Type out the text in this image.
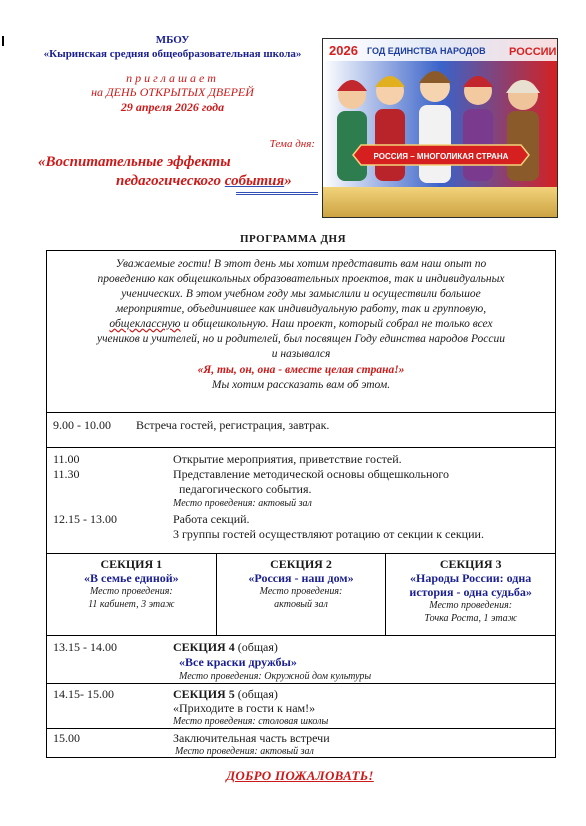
МБОУ
«Кыринская средняя общеобразовательная школа»
приглашает
на ДЕНЬ ОТКРЫТЫХ ДВЕРЕЙ
29 апреля 2026 года
Тема дня:
«Воспитательные эффекты
педагогического события»
2026 ГОД ЕДИНСТВА НАРОДОВ РОССИИ
РОССИЯ – МНОГОЛИКАЯ СТРАНА
ПРОГРАММА ДНЯ
Уважаемые гости! В этот день мы хотим представить вам наш опыт по
проведению как общешкольных образовательных проектов, так и индивидуальных
ученических. В этом учебном году мы замыслили и осуществили большое
мероприятие, объединившее как индивидуальную работу, так и групповую,
общеклассную и общешкольную. Наш проект, который собрал не только всех
учеников и учителей, но и родителей, был посвящен Году единства народов России
и назывался
«Я, ты, он, она - вместе целая страна!»
Мы хотим рассказать вам об этом.
9.00 - 10.00 Встреча гостей, регистрация, завтрак.
11.00	Открытие мероприятия, приветствие гостей.
11.30	Представление методической основы общешкольного
педагогического события.
Место проведения: актовый зал
12.15 - 13.00	Работа секций.
3 группы гостей осуществляют ротацию от секции к секции.
СЕКЦИЯ 1
«В семье единой»
Место проведения:
11 кабинет, 3 этаж
СЕКЦИЯ 2
«Россия - наш дом»
Место проведения:
актовый зал
СЕКЦИЯ 3
«Народы России: одна история - одна судьба»
Место проведения:
Точка Роста, 1 этаж
13.15 - 14.00	СЕКЦИЯ 4 (общая)
«Все краски дружбы»
Место проведения: Окружной дом культуры
14.15- 15.00	СЕКЦИЯ 5 (общая)
«Приходите в гости к нам!»
Место проведения: столовая школы
15.00	Заключительная часть встречи
Место проведения: актовый зал
ДОБРО ПОЖАЛОВАТЬ!
